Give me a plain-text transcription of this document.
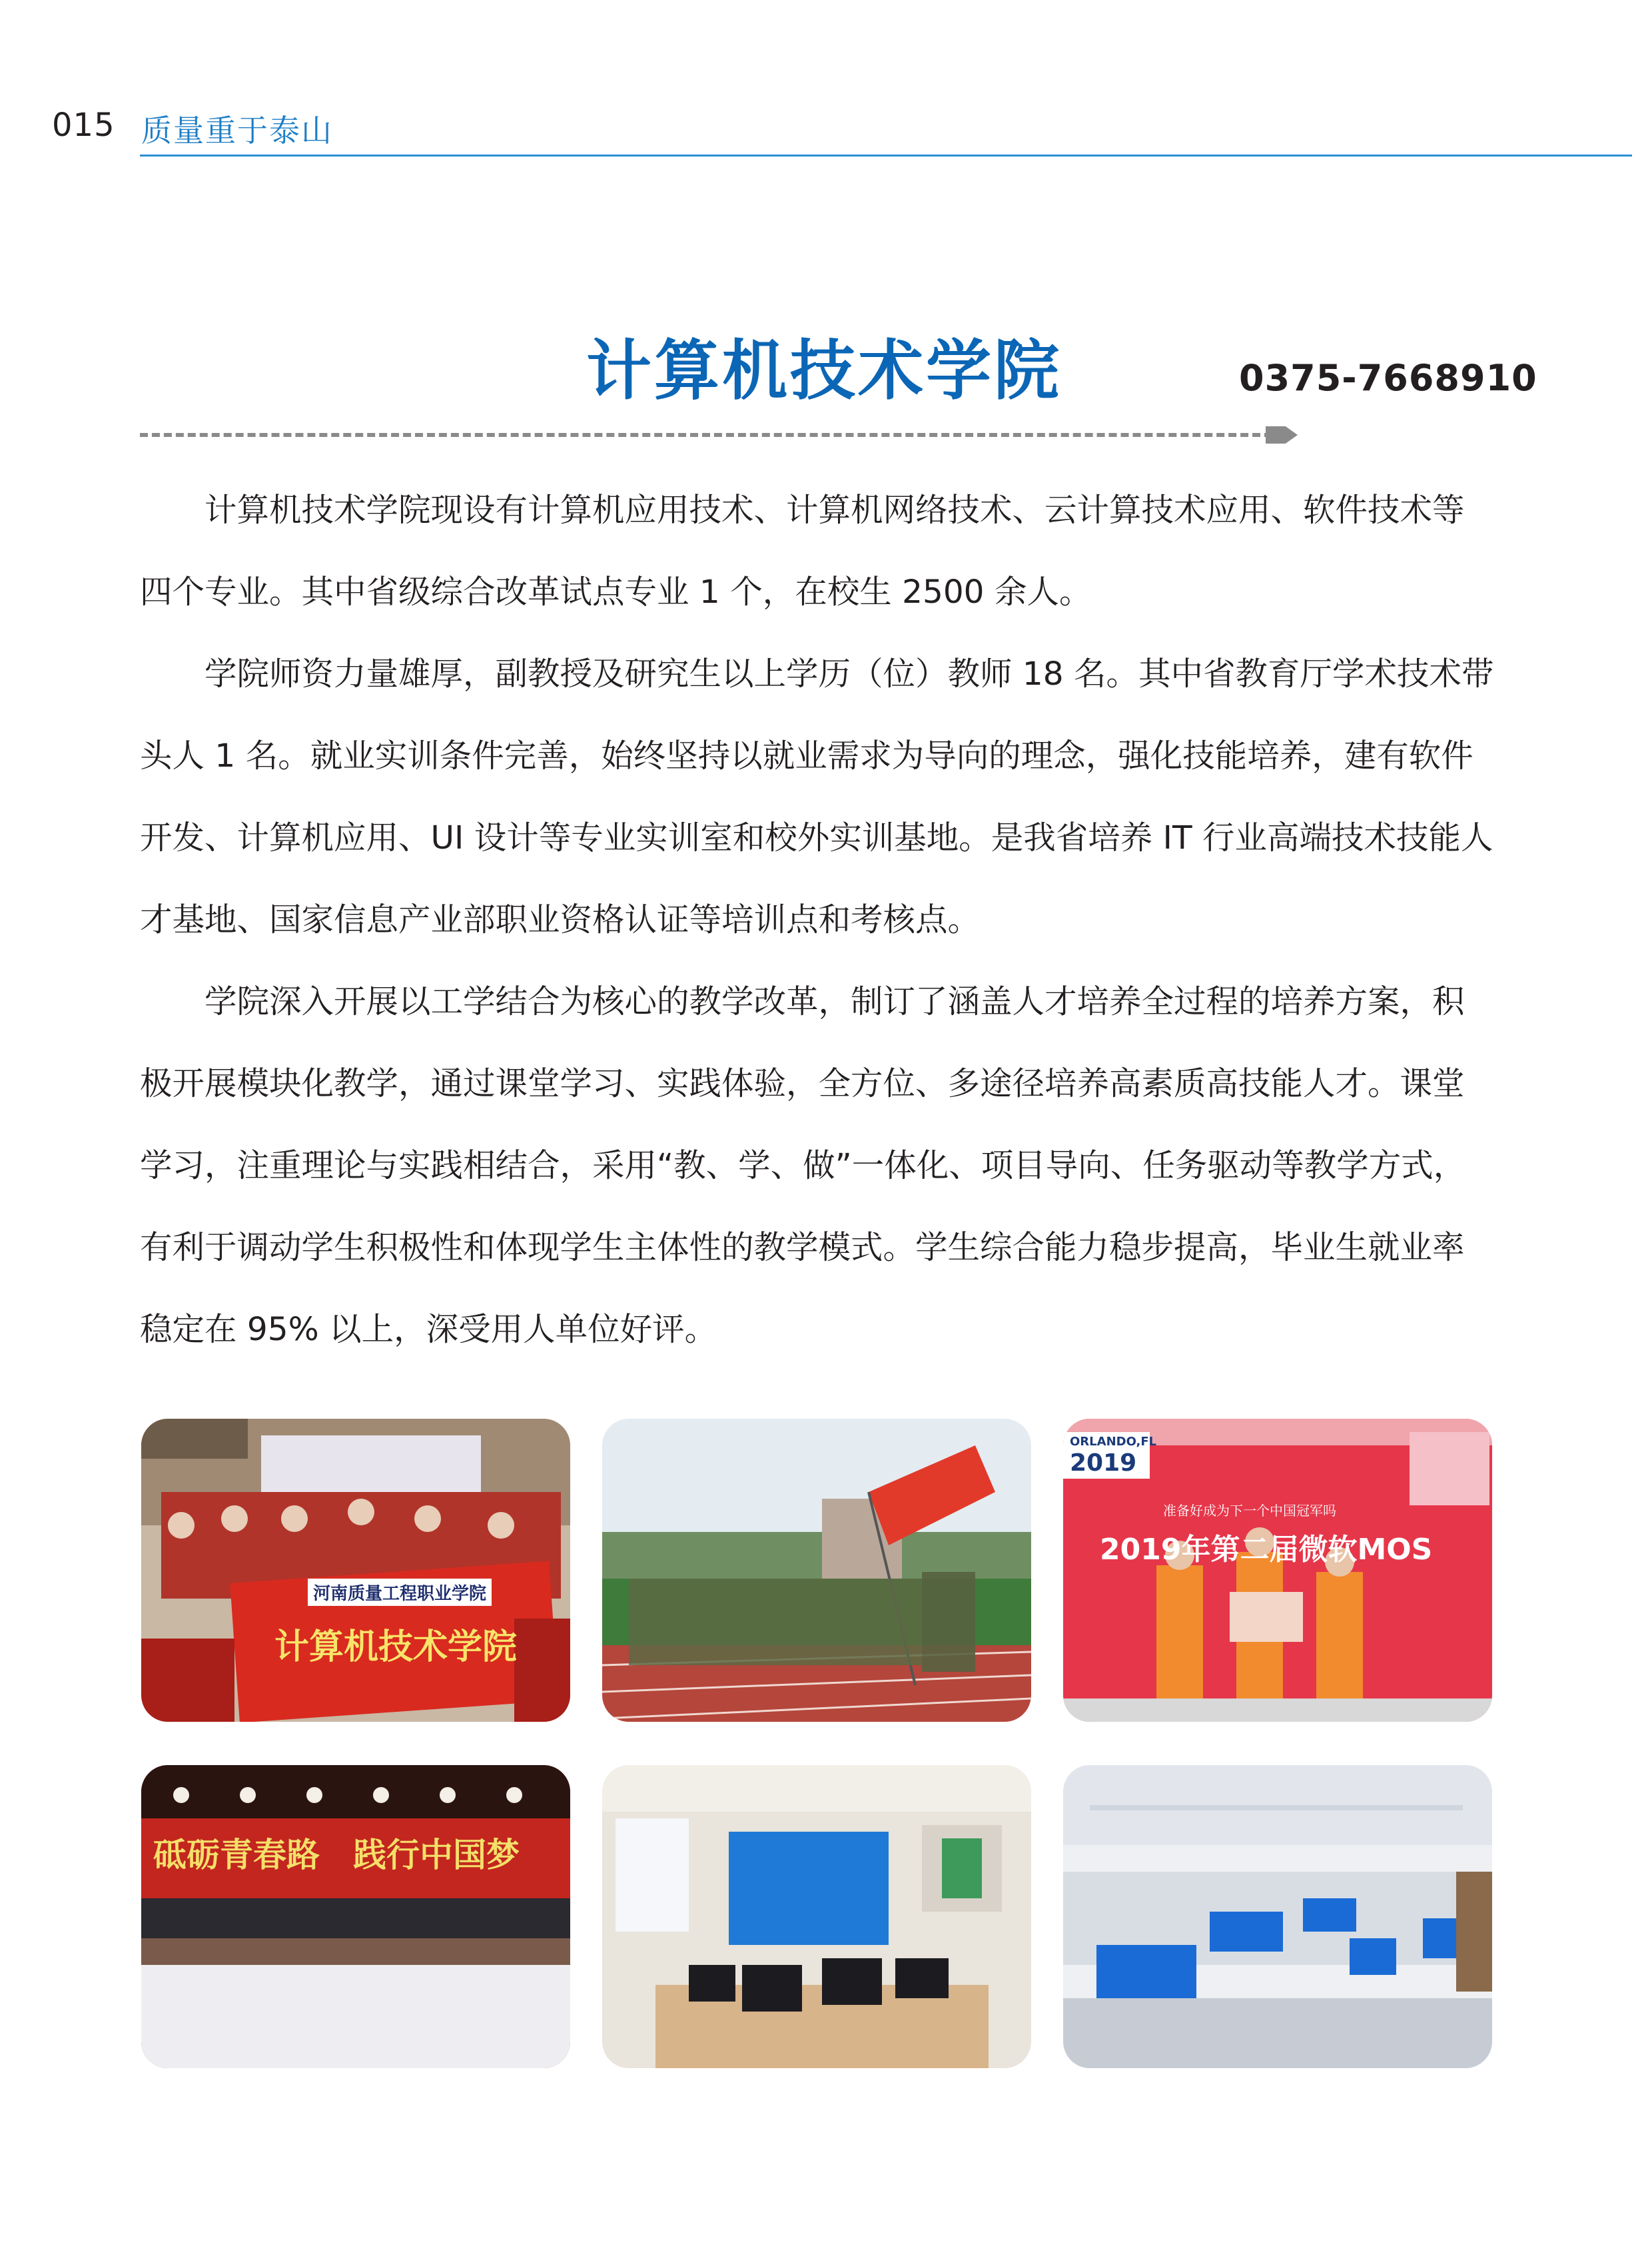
015 质量重于泰山
计算机技术学院	0375-7668910

计算机技术学院现设有计算机应用技术、计算机网络技术、云计算技术应用、软件技术等四个专业。其中省级综合改革试点专业 1 个，在校生 2500 余人。

学院师资力量雄厚，副教授及研究生以上学历（位）教师 18 名。其中省教育厅学术技术带头人 1 名。就业实训条件完善，始终坚持以就业需求为导向的理念，强化技能培养，建有软件开发、计算机应用、UI 设计等专业实训室和校外实训基地。是我省培养 IT 行业高端技术技能人才基地、国家信息产业部职业资格认证等培训点和考核点。

学院深入开展以工学结合为核心的教学改革，制订了涵盖人才培养全过程的培养方案，积极开展模块化教学，通过课堂学习、实践体验，全方位、多途径培养高素质高技能人才。课堂学习，注重理论与实践相结合，采用“教、学、做”一体化、项目导向、任务驱动等教学方式，有利于调动学生积极性和体现学生主体性的教学模式。学生综合能力稳步提高，毕业生就业率稳定在 95% 以上，深受用人单位好评。

河南质量工程职业学院
计算机技术学院
ORLANDO,FL
2019
准备好成为下一个中国冠军吗
2019年第二届微软MOS
砥砺青春路　践行中国梦
